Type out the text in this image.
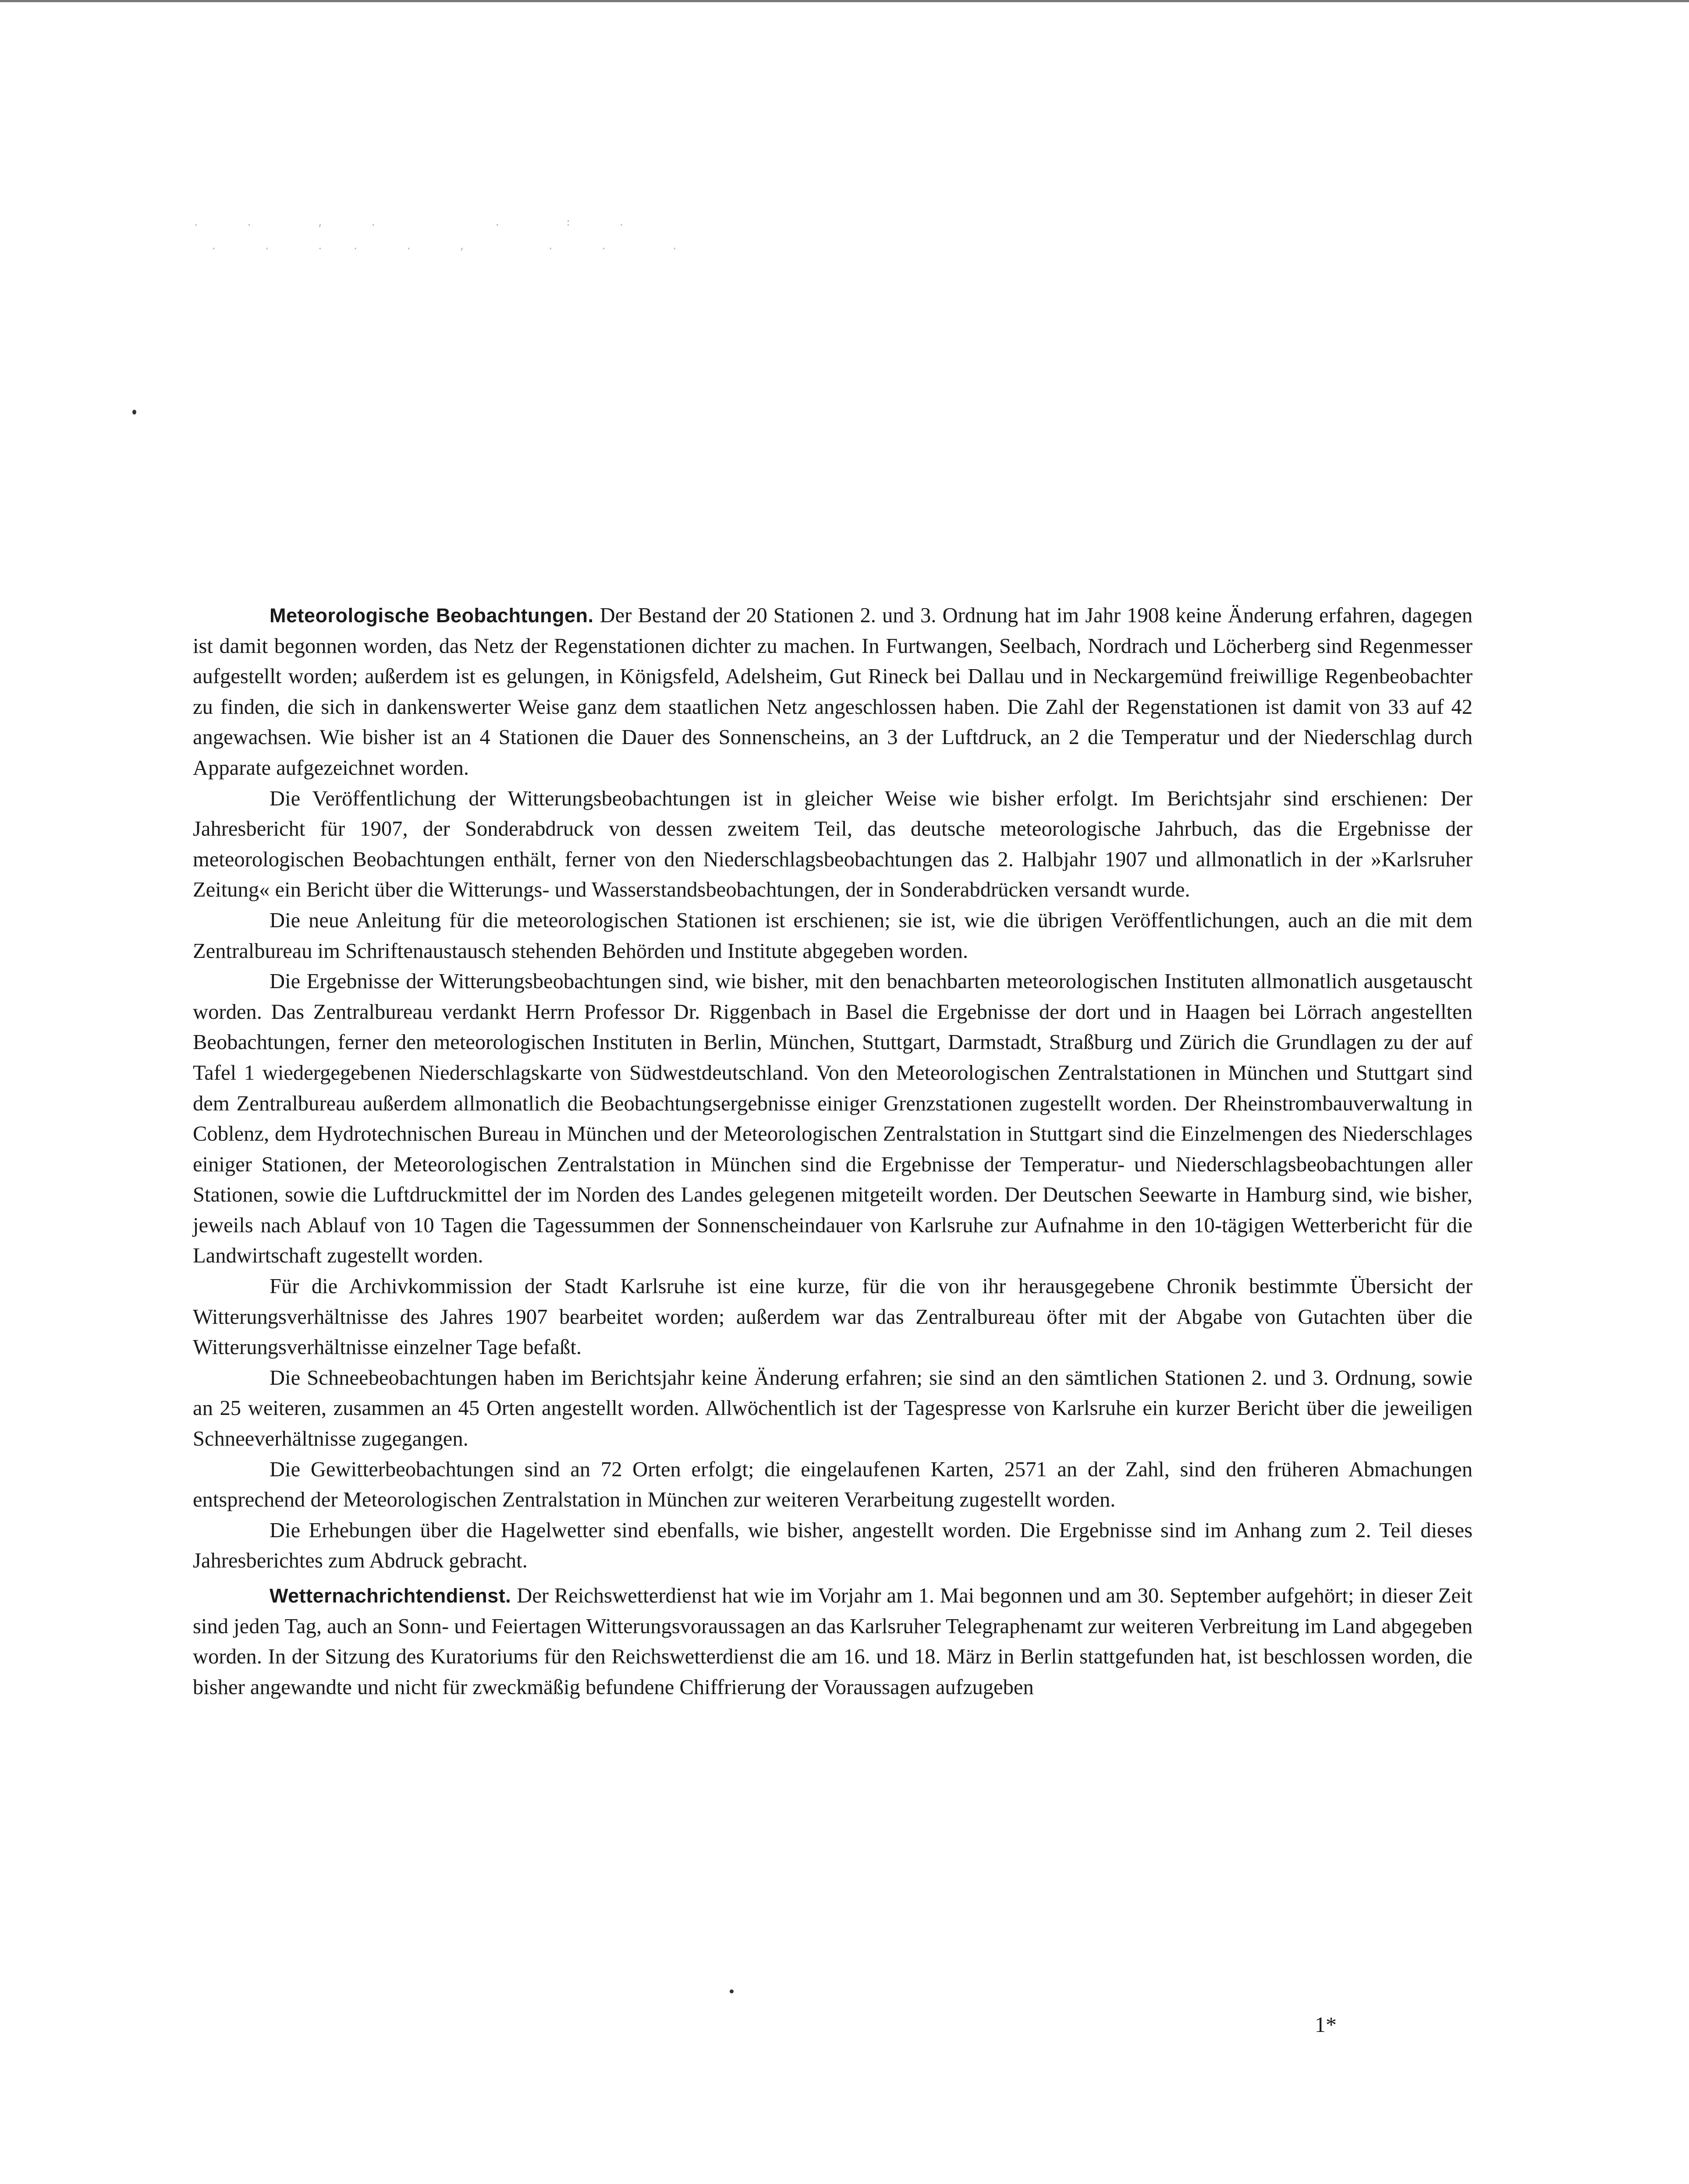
.  .   ,  .      .   :  .
.  .  . .  .  ,    .  .   .

Meteorologische Beobachtungen. Der Bestand der 20 Stationen 2. und 3. Ordnung hat im Jahr 1908 keine Änderung erfahren, dagegen ist damit begonnen worden, das Netz der Regenstationen dichter zu machen. In Furtwangen, Seelbach, Nordrach und Löcherberg sind Regenmesser aufgestellt worden; außerdem ist es gelungen, in Königsfeld, Adelsheim, Gut Rineck bei Dallau und in Neckargemünd freiwillige Regenbeobachter zu finden, die sich in dankenswerter Weise ganz dem staatlichen Netz angeschlossen haben. Die Zahl der Regenstationen ist damit von 33 auf 42 angewachsen. Wie bisher ist an 4 Stationen die Dauer des Sonnenscheins, an 3 der Luftdruck, an 2 die Temperatur und der Niederschlag durch Apparate aufgezeichnet worden.

Die Veröffentlichung der Witterungsbeobachtungen ist in gleicher Weise wie bisher erfolgt. Im Berichtsjahr sind erschienen: Der Jahresbericht für 1907, der Sonderabdruck von dessen zweitem Teil, das deutsche meteorologische Jahrbuch, das die Ergebnisse der meteorologischen Beobachtungen enthält, ferner von den Niederschlagsbeobachtungen das 2. Halbjahr 1907 und allmonatlich in der »Karlsruher Zeitung« ein Bericht über die Witterungs- und Wasserstandsbeobachtungen, der in Sonderabdrücken versandt wurde.

Die neue Anleitung für die meteorologischen Stationen ist erschienen; sie ist, wie die übrigen Veröffentlichungen, auch an die mit dem Zentralbureau im Schriftenaustausch stehenden Behörden und Institute abgegeben worden.

Die Ergebnisse der Witterungsbeobachtungen sind, wie bisher, mit den benachbarten meteorologischen Instituten allmonatlich ausgetauscht worden. Das Zentralbureau verdankt Herrn Professor Dr. Riggenbach in Basel die Ergebnisse der dort und in Haagen bei Lörrach angestellten Beobachtungen, ferner den meteorologischen Instituten in Berlin, München, Stuttgart, Darmstadt, Straßburg und Zürich die Grundlagen zu der auf Tafel 1 wiedergegebenen Niederschlagskarte von Südwestdeutschland. Von den Meteorologischen Zentralstationen in München und Stuttgart sind dem Zentralbureau außerdem allmonatlich die Beobachtungsergebnisse einiger Grenzstationen zugestellt worden. Der Rheinstrombauverwaltung in Coblenz, dem Hydrotechnischen Bureau in München und der Meteorologischen Zentralstation in Stuttgart sind die Einzelmengen des Niederschlages einiger Stationen, der Meteorologischen Zentralstation in München sind die Ergebnisse der Temperatur- und Niederschlagsbeobachtungen aller Stationen, sowie die Luftdruckmittel der im Norden des Landes gelegenen mitgeteilt worden. Der Deutschen Seewarte in Hamburg sind, wie bisher, jeweils nach Ablauf von 10 Tagen die Tagessummen der Sonnenscheindauer von Karlsruhe zur Aufnahme in den 10-tägigen Wetterbericht für die Landwirtschaft zugestellt worden.

Für die Archivkommission der Stadt Karlsruhe ist eine kurze, für die von ihr herausgegebene Chronik bestimmte Übersicht der Witterungsverhältnisse des Jahres 1907 bearbeitet worden; außerdem war das Zentralbureau öfter mit der Abgabe von Gutachten über die Witterungsverhältnisse einzelner Tage befaßt.

Die Schneebeobachtungen haben im Berichtsjahr keine Änderung erfahren; sie sind an den sämtlichen Stationen 2. und 3. Ordnung, sowie an 25 weiteren, zusammen an 45 Orten angestellt worden. Allwöchentlich ist der Tagespresse von Karlsruhe ein kurzer Bericht über die jeweiligen Schneeverhältnisse zugegangen.

Die Gewitterbeobachtungen sind an 72 Orten erfolgt; die eingelaufenen Karten, 2571 an der Zahl, sind den früheren Abmachungen entsprechend der Meteorologischen Zentralstation in München zur weiteren Verarbeitung zugestellt worden.

Die Erhebungen über die Hagelwetter sind ebenfalls, wie bisher, angestellt worden. Die Ergebnisse sind im Anhang zum 2. Teil dieses Jahresberichtes zum Abdruck gebracht.

Wetternachrichtendienst. Der Reichswetterdienst hat wie im Vorjahr am 1. Mai begonnen und am 30. September aufgehört; in dieser Zeit sind jeden Tag, auch an Sonn- und Feiertagen Witterungsvoraussagen an das Karlsruher Telegraphenamt zur weiteren Verbreitung im Land abgegeben worden. In der Sitzung des Kuratoriums für den Reichswetterdienst die am 16. und 18. März in Berlin stattgefunden hat, ist beschlossen worden, die bisher angewandte und nicht für zweckmäßig befundene Chiffrierung der Voraussagen aufzugeben

1*
